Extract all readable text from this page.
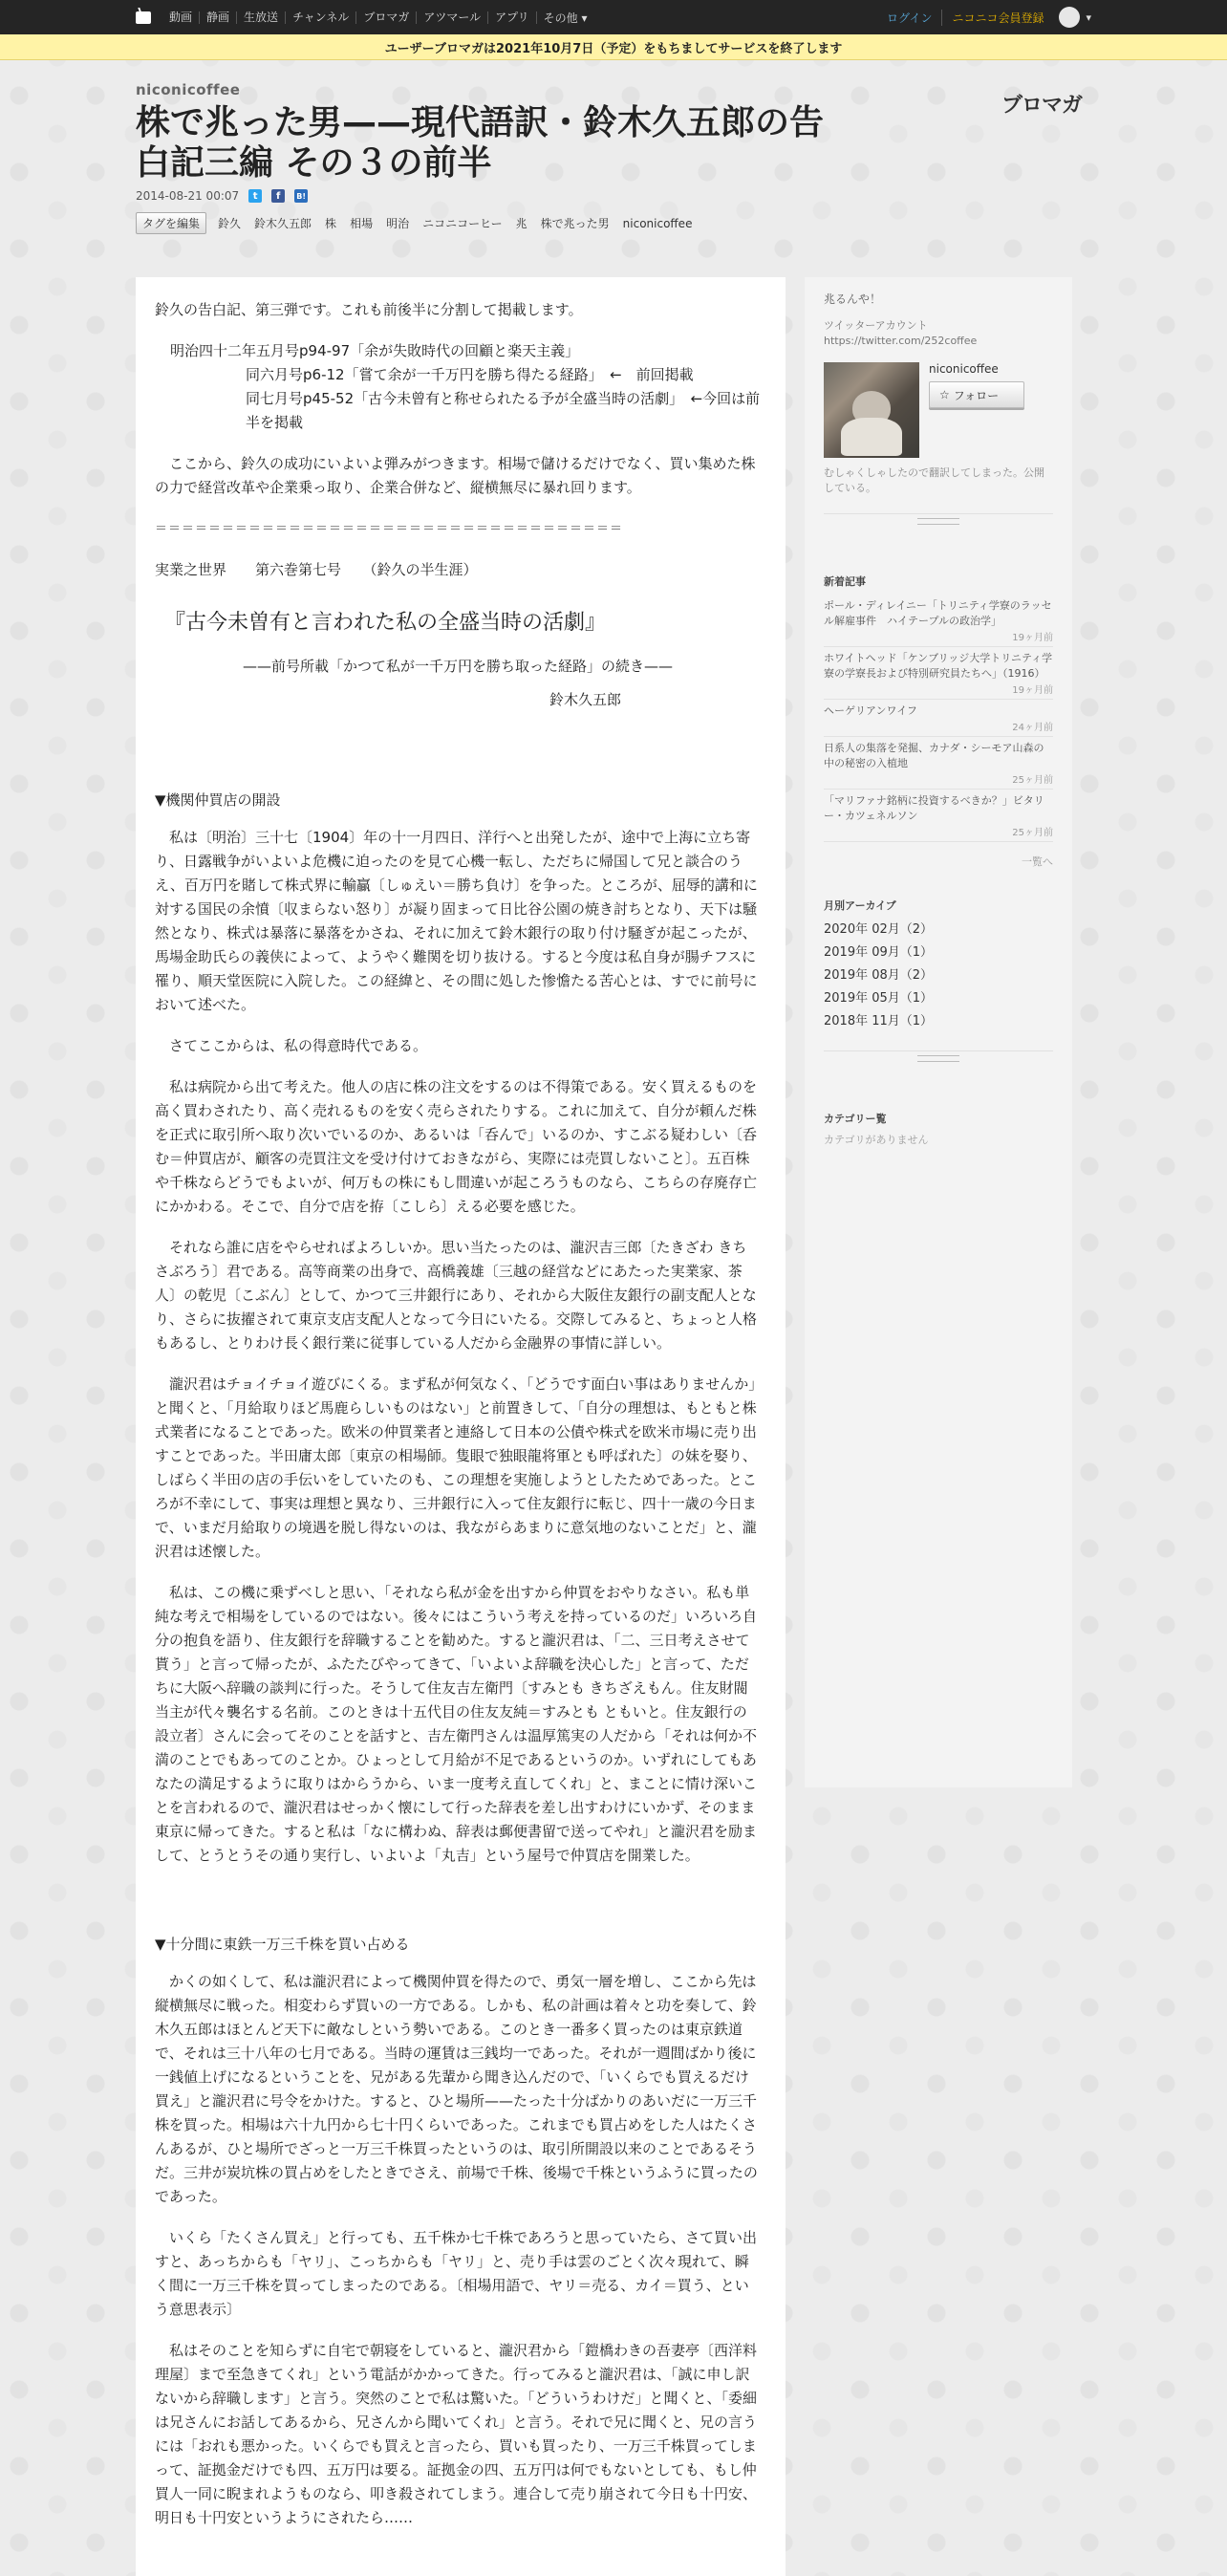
動画	静画	生放送	チャンネル	ブロマガ	アツマール	アプリ	その他 ▾	ログイン	ニコニコ会員登録	▾
ユーザーブロマガは2021年10月7日（予定）をもちましてサービスを終了します
niconicoffee
株で兆った男——現代語訳・鈴木久五郎の告白記三編 その３の前半
2014-08-21 00:07	t	f	B!
タグを編集	鈴久 鈴木久五郎 株 相場 明治 ニコニコーヒー 兆 株で兆った男 niconicoffee
ブロマガ

鈴久の告白記、第三弾です。これも前後半に分割して掲載します。

明治四十二年五月号p94-97「余が失敗時代の回顧と楽天主義」

同六月号p6-12「嘗て余が一千万円を勝ち得たる経路」　←　前回掲載

同七月号p45-52「古今未曾有と称せられたる予が全盛当時の活劇」　←今回は前半を掲載

ここから、鈴久の成功にいよいよ弾みがつきます。相場で儲けるだけでなく、買い集めた株の力で経営改革や企業乗っ取り、企業合併など、縦横無尽に暴れ回ります。

＝＝＝＝＝＝＝＝＝＝＝＝＝＝＝＝＝＝＝＝＝＝＝＝＝＝＝＝＝＝＝＝＝＝＝

実業之世界　　第六巻第七号　　（鈴久の半生涯）

『古今未曽有と言われた私の全盛当時の活劇』
——前号所載「かつて私が一千万円を勝ち取った経路」の続き——
鈴木久五郎

▼機関仲買店の開設

私は〔明治〕三十七〔1904〕年の十一月四日、洋行へと出発したが、途中で上海に立ち寄り、日露戦争がいよいよ危機に迫ったのを見て心機一転し、ただちに帰国して兄と談合のうえ、百万円を賭して株式界に輸贏〔しゅえい＝勝ち負け〕を争った。ところが、屈辱的講和に対する国民の余憤〔収まらない怒り〕が凝り固まって日比谷公園の焼き討ちとなり、天下は騒然となり、株式は暴落に暴落をかさね、それに加えて鈴木銀行の取り付け騒ぎが起こったが、馬場金助氏らの義侠によって、ようやく難関を切り抜ける。すると今度は私自身が腸チフスに罹り、順天堂医院に入院した。この経緯と、その間に処した惨憺たる苦心とは、すでに前号において述べた。

さてここからは、私の得意時代である。

私は病院から出て考えた。他人の店に株の注文をするのは不得策である。安く買えるものを高く買わされたり、高く売れるものを安く売らされたりする。これに加えて、自分が頼んだ株を正式に取引所へ取り次いでいるのか、あるいは「呑んで」いるのか、すこぶる疑わしい〔呑む＝仲買店が、顧客の売買注文を受け付けておきながら、実際には売買しないこと〕。五百株や千株ならどうでもよいが、何万もの株にもし間違いが起ころうものなら、こちらの存廃存亡にかかわる。そこで、自分で店を拵〔こしら〕える必要を感じた。

それなら誰に店をやらせればよろしいか。思い当たったのは、瀧沢吉三郎〔たきざわ きちさぶろう〕君である。高等商業の出身で、高橋義雄〔三越の経営などにあたった実業家、茶人〕の乾児〔こぶん〕として、かつて三井銀行にあり、それから大阪住友銀行の副支配人となり、さらに抜擢されて東京支店支配人となって今日にいたる。交際してみると、ちょっと人格もあるし、とりわけ長く銀行業に従事している人だから金融界の事情に詳しい。

瀧沢君はチョイチョイ遊びにくる。まず私が何気なく、「どうです面白い事はありませんか」と聞くと、「月給取りほど馬鹿らしいものはない」と前置きして、「自分の理想は、もともと株式業者になることであった。欧米の仲買業者と連絡して日本の公債や株式を欧米市場に売り出すことであった。半田庸太郎〔東京の相場師。隻眼で独眼龍将軍とも呼ばれた〕の妹を娶り、しばらく半田の店の手伝いをしていたのも、この理想を実施しようとしたためであった。ところが不幸にして、事実は理想と異なり、三井銀行に入って住友銀行に転じ、四十一歳の今日まで、いまだ月給取りの境遇を脱し得ないのは、我ながらあまりに意気地のないことだ」と、瀧沢君は述懐した。

私は、この機に乗ずべしと思い、「それなら私が金を出すから仲買をおやりなさい。私も単純な考えで相場をしているのではない。後々にはこういう考えを持っているのだ」いろいろ自分の抱負を語り、住友銀行を辞職することを勧めた。すると瀧沢君は、「二、三日考えさせて貰う」と言って帰ったが、ふたたびやってきて、「いよいよ辞職を決心した」と言って、ただちに大阪へ辞職の談判に行った。そうして住友吉左衛門〔すみとも きちざえもん。住友財閥当主が代々襲名する名前。このときは十五代目の住友友純＝すみとも ともいと。住友銀行の設立者〕さんに会ってそのことを話すと、吉左衛門さんは温厚篤実の人だから「それは何か不満のことでもあってのことか。ひょっとして月給が不足であるというのか。いずれにしてもあなたの満足するように取りはからうから、いま一度考え直してくれ」と、まことに情け深いことを言われるので、瀧沢君はせっかく懐にして行った辞表を差し出すわけにいかず、そのまま東京に帰ってきた。すると私は「なに構わぬ、辞表は郵便書留で送ってやれ」と瀧沢君を励まして、とうとうその通り実行し、いよいよ「丸吉」という屋号で仲買店を開業した。

▼十分間に東鉄一万三千株を買い占める

かくの如くして、私は瀧沢君によって機関仲買を得たので、勇気一層を増し、ここから先は縦横無尽に戦った。相変わらず買いの一方である。しかも、私の計画は着々と功を奏して、鈴木久五郎はほとんど天下に敵なしという勢いである。このとき一番多く買ったのは東京鉄道で、それは三十八年の七月である。当時の運賃は三銭均一であった。それが一週間ばかり後に一銭値上げになるということを、兄がある先輩から聞き込んだので、「いくらでも買えるだけ買え」と瀧沢君に号令をかけた。すると、ひと場所——たった十分ばかりのあいだに一万三千株を買った。相場は六十九円から七十円くらいであった。これまでも買占めをした人はたくさんあるが、ひと場所でざっと一万三千株買ったというのは、取引所開設以来のことであるそうだ。三井が炭坑株の買占めをしたときでさえ、前場で千株、後場で千株というふうに買ったのであった。

いくら「たくさん買え」と行っても、五千株か七千株であろうと思っていたら、さて買い出すと、あっちからも「ヤリ」、こっちからも「ヤリ」と、売り手は雲のごとく次々現れて、瞬く間に一万三千株を買ってしまったのである。〔相場用語で、ヤリ＝売る、カイ＝買う、という意思表示〕

私はそのことを知らずに自宅で朝寝をしていると、瀧沢君から「鎧橋わきの吾妻亭〔西洋料理屋〕まで至急きてくれ」という電話がかかってきた。行ってみると瀧沢君は、「誠に申し訳ないから辞職します」と言う。突然のことで私は驚いた。「どういうわけだ」と聞くと、「委細は兄さんにお話してあるから、兄さんから聞いてくれ」と言う。それで兄に聞くと、兄の言うには「おれも悪かった。いくらでも買えと言ったら、買いも買ったり、一万三千株買ってしまって、証拠金だけでも四、五万円は要る。証拠金の四、五万円は何でもないとしても、もし仲買人一同に睨まれようものなら、叩き殺されてしまう。連合して売り崩されて今日も十円安、明日も十円安というようにされたら……

兆るんや！
ツイッターアカウント https://twitter.com/252coffee
niconicoffee
☆ フォロー
むしゃくしゃしたので翻訳してしまった。公開している。
新着記事
ポール・ディレイニー「トリニティ学寮のラッセル解雇事件　ハイテープルの政治学」
19ヶ月前
ホワイトヘッド「ケンブリッジ大学トリニティ学寮の学寮長および特別研究員たちへ」（1916）
19ヶ月前
ヘーゲリアンワイフ
24ヶ月前
日系人の集落を発掘、カナダ・シーモア山森の中の秘密の入植地
25ヶ月前
「マリファナ銘柄に投資するべきか？」ビタリー・カツェネルソン
25ヶ月前
一覧へ
月別アーカイブ
2020年 02月（2）
2019年 09月（1）
2019年 08月（2）
2019年 05月（1）
2018年 11月（1）
カテゴリー覧
カテゴリがありません
